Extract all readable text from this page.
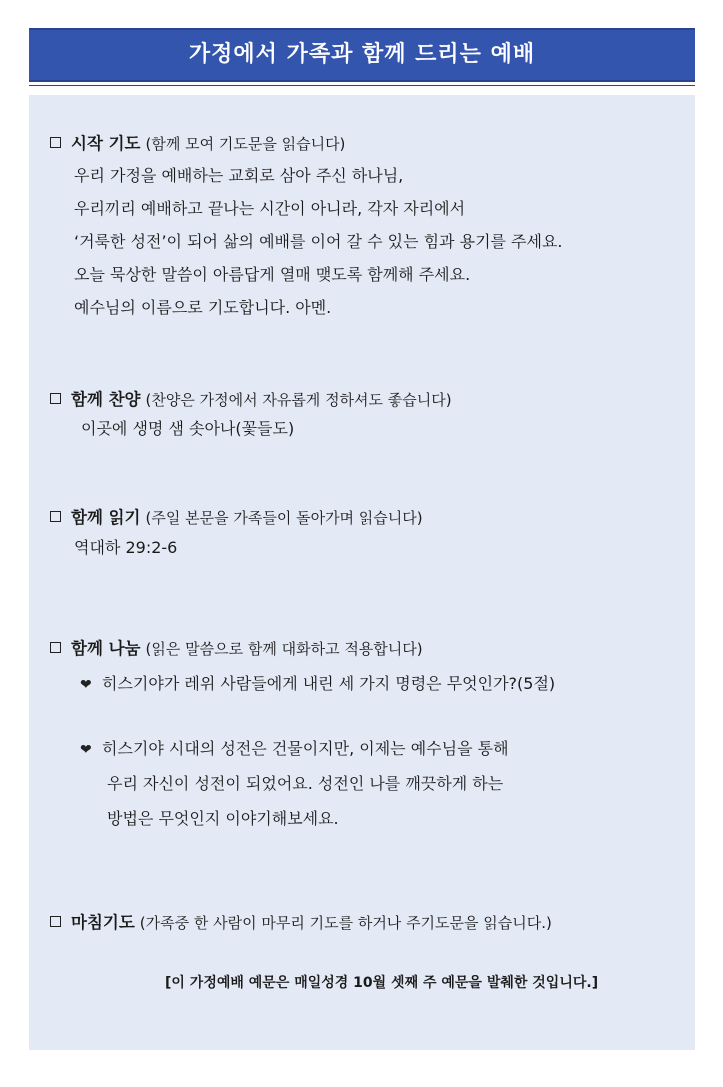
가정에서 가족과 함께 드리는 예배
시작 기도 (함께 모여 기도문을 읽습니다)
우리 가정을 예배하는 교회로 삼아 주신 하나님,
우리끼리 예배하고 끝나는 시간이 아니라, 각자 자리에서
‘거룩한 성전’이 되어 삶의 예배를 이어 갈 수 있는 힘과 용기를 주세요.
오늘 묵상한 말씀이 아름답게 열매 맺도록 함께해 주세요.
예수님의 이름으로 기도합니다. 아멘.
함께 찬양 (찬양은 가정에서 자유롭게 정하셔도 좋습니다)
이곳에 생명 샘 솟아나(꽃들도)
함께 읽기 (주일 본문을 가족들이 돌아가며 읽습니다)
역대하 29:2-6
함께 나눔 (읽은 말씀으로 함께 대화하고 적용합니다)
❤ 히스기야가 레위 사람들에게 내린 세 가지 명령은 무엇인가?(5절)
❤ 히스기야 시대의 성전은 건물이지만, 이제는 예수님을 통해
우리 자신이 성전이 되었어요. 성전인 나를 깨끗하게 하는
방법은 무엇인지 이야기해보세요.
마침기도 (가족중 한 사람이 마무리 기도를 하거나 주기도문을 읽습니다.)
[이 가정예배 예문은 매일성경 10월 셋째 주 예문을 발췌한 것입니다.]
